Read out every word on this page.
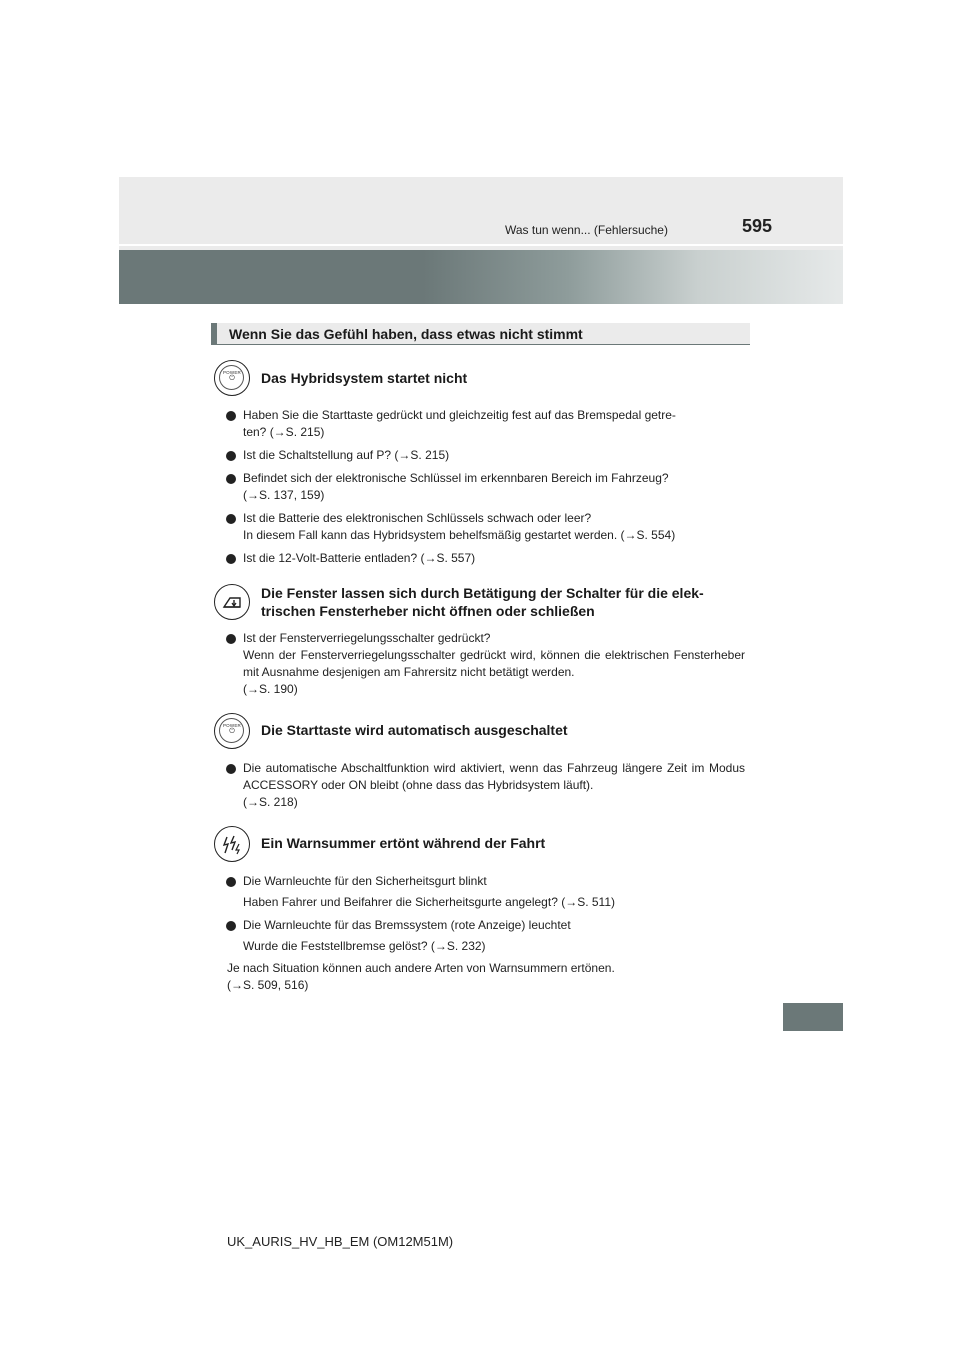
Was tun wenn... (Fehlersuche)	595
Wenn Sie das Gefühl haben, dass etwas nicht stimmt
POWER
⏻	Das Hybridsystem startet nicht
Haben Sie die Starttaste gedrückt und gleichzeitig fest auf das Bremspedal getre-
ten? (→S. 215)
Ist die Schaltstellung auf P? (→S. 215)
Befindet sich der elektronische Schlüssel im erkennbaren Bereich im Fahrzeug?
(→S. 137, 159)
Ist die Batterie des elektronischen Schlüssels schwach oder leer?
In diesem Fall kann das Hybridsystem behelfsmäßig gestartet werden. (→S. 554)
Ist die 12-Volt-Batterie entladen? (→S. 557)
Die Fenster lassen sich durch Betätigung der Schalter für die elek-
trischen Fensterheber nicht öffnen oder schließen
Ist der Fensterverriegelungsschalter gedrückt?
Wenn der Fensterverriegelungsschalter gedrückt wird, können die elektrischen Fensterheber mit Ausnahme desjenigen am Fahrersitz nicht betätigt werden.
(→S. 190)
POWER
⏻	Die Starttaste wird automatisch ausgeschaltet
Die automatische Abschaltfunktion wird aktiviert, wenn das Fahrzeug längere Zeit im Modus ACCESSORY oder ON bleibt (ohne dass das Hybridsystem läuft).
(→S. 218)
Ein Warnsummer ertönt während der Fahrt
Die Warnleuchte für den Sicherheitsgurt blinkt
Haben Fahrer und Beifahrer die Sicherheitsgurte angelegt? (→S. 511)
Die Warnleuchte für das Bremssystem (rote Anzeige) leuchtet
Wurde die Feststellbremse gelöst? (→S. 232)
Je nach Situation können auch andere Arten von Warnsummern ertönen.
(→S. 509, 516)
UK_AURIS_HV_HB_EM (OM12M51M)
